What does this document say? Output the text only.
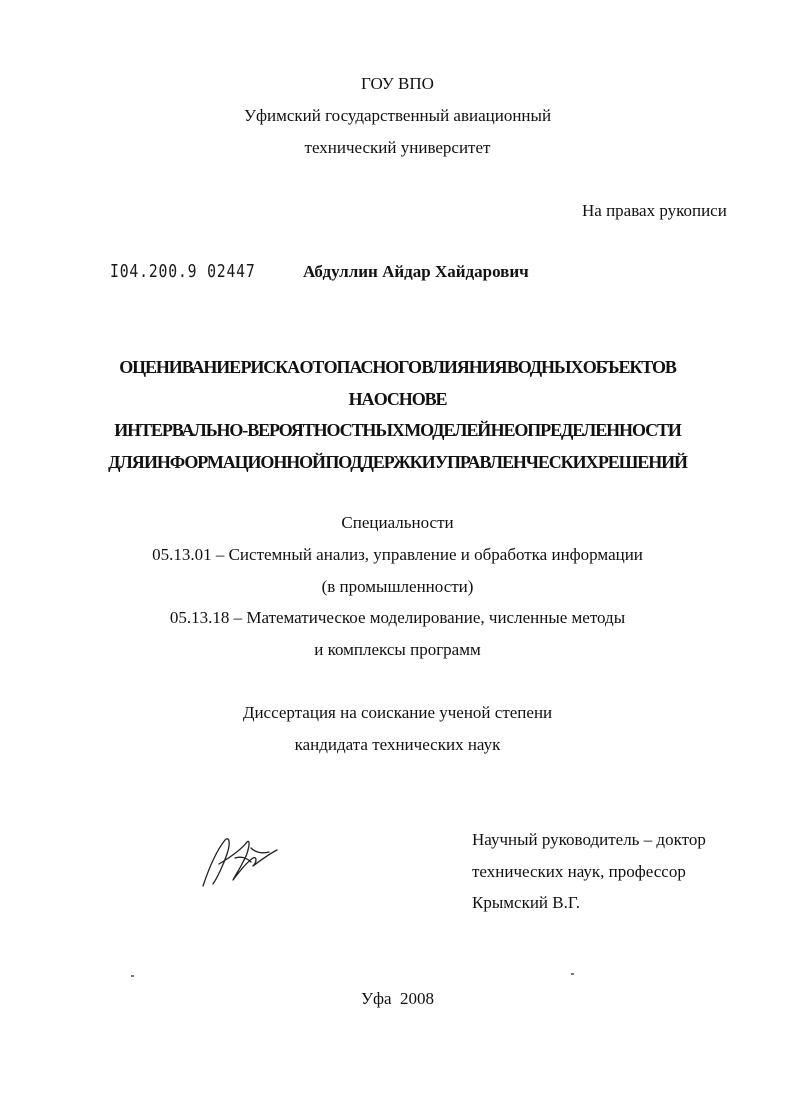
ГОУ ВПО
Уфимский государственный авиационный
технический университет
На правах рукописи
I04.200.9 02447	Абдуллин Айдар Хайдарович
ОЦЕНИВАНИЕ РИСКА ОТ ОПАСНОГО ВЛИЯНИЯ ВОДНЫХ ОБЪЕКТОВ
НА ОСНОВЕ
ИНТЕРВАЛЬНО-ВЕРОЯТНОСТНЫХ МОДЕЛЕЙ НЕОПРЕДЕЛЕННОСТИ
ДЛЯ ИНФОРМАЦИОННОЙ ПОДДЕРЖКИ УПРАВЛЕНЧЕСКИХ РЕШЕНИЙ
Специальности
05.13.01 – Системный анализ, управление и обработка информации
(в промышленности)
05.13.18 – Математическое моделирование, численные методы
и комплексы программ
Диссертация на соискание ученой степени
кандидата технических наук
Научный руководитель – доктор
технических наук, профессор
Крымский В.Г.
Уфа  2008
